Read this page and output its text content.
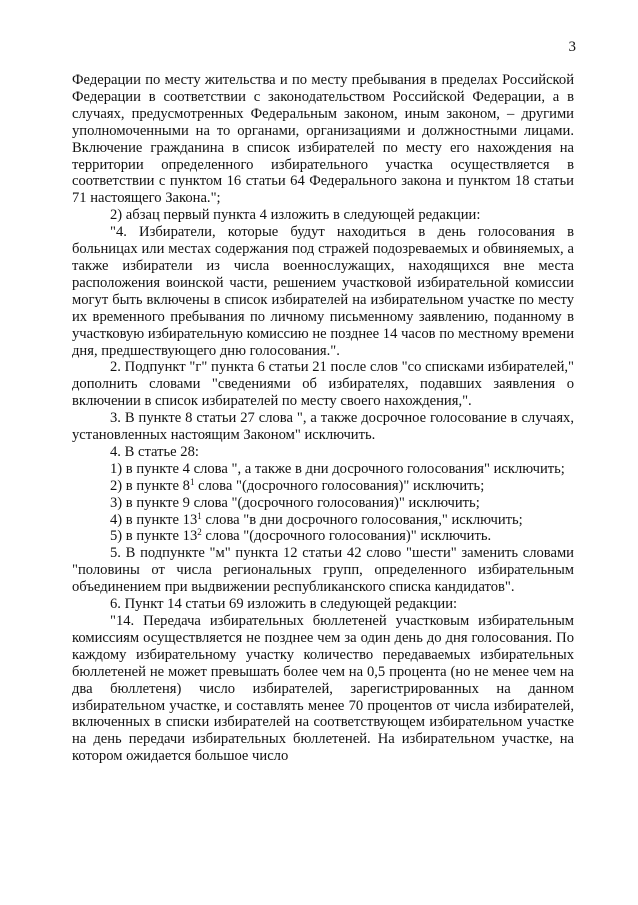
3

Федерации по месту жительства и по месту пребывания в пределах Российской Федерации в соответствии с законодательством Российской Федерации, а в случаях, предусмотренных Федеральным законом, иным законом, – другими уполномоченными на то органами, организациями и должностными лицами. Включение гражданина в список избирателей по месту его нахождения на территории определенного избирательного участка осуществляется в соответствии с пунктом 16 статьи 64 Федерального закона и пунктом 18 статьи 71 настоящего Закона.";

2) абзац первый пункта 4 изложить в следующей редакции:

"4. Избиратели, которые будут находиться в день голосования в больницах или местах содержания под стражей подозреваемых и обвиняемых, а также избиратели из числа военнослужащих, находящихся вне места расположения воинской части, решением участковой избирательной комиссии могут быть включены в список избирателей на избирательном участке по месту их временного пребывания по личному письменному заявлению, поданному в участковую избирательную комиссию не позднее 14 часов по местному времени дня, предшествующего дню голосования.".

2. Подпункт "г" пункта 6 статьи 21 после слов "со списками избирателей," дополнить словами "сведениями об избирателях, подавших заявления о включении в список избирателей по месту своего нахождения,".

3. В пункте 8 статьи 27 слова ", а также досрочное голосование в случаях, установленных настоящим Законом" исключить.

4. В статье 28:

1) в пункте 4 слова ", а также в дни досрочного голосования" исключить;

2) в пункте $8^1$ слова "(досрочного голосования)" исключить;

3) в пункте 9 слова "(досрочного голосования)" исключить;

4) в пункте $13^1$ слова "в дни досрочного голосования," исключить;

5) в пункте $13^2$ слова "(досрочного голосования)" исключить.

5. В подпункте "м" пункта 12 статьи 42 слово "шести" заменить словами "половины от числа региональных групп, определенного избирательным объединением при выдвижении республиканского списка кандидатов".

6. Пункт 14 статьи 69 изложить в следующей редакции:

"14. Передача избирательных бюллетеней участковым избирательным комиссиям осуществляется не позднее чем за один день до дня голосования. По каждому избирательному участку количество передаваемых избирательных бюллетеней не может превышать более чем на 0,5 процента (но не менее чем на два бюллетеня) число избирателей, зарегистрированных на данном избирательном участке, и составлять менее 70 процентов от числа избирателей, включенных в списки избирателей на соответствующем избирательном участке на день передачи избирательных бюллетеней. На избирательном участке, на котором ожидается большое число
